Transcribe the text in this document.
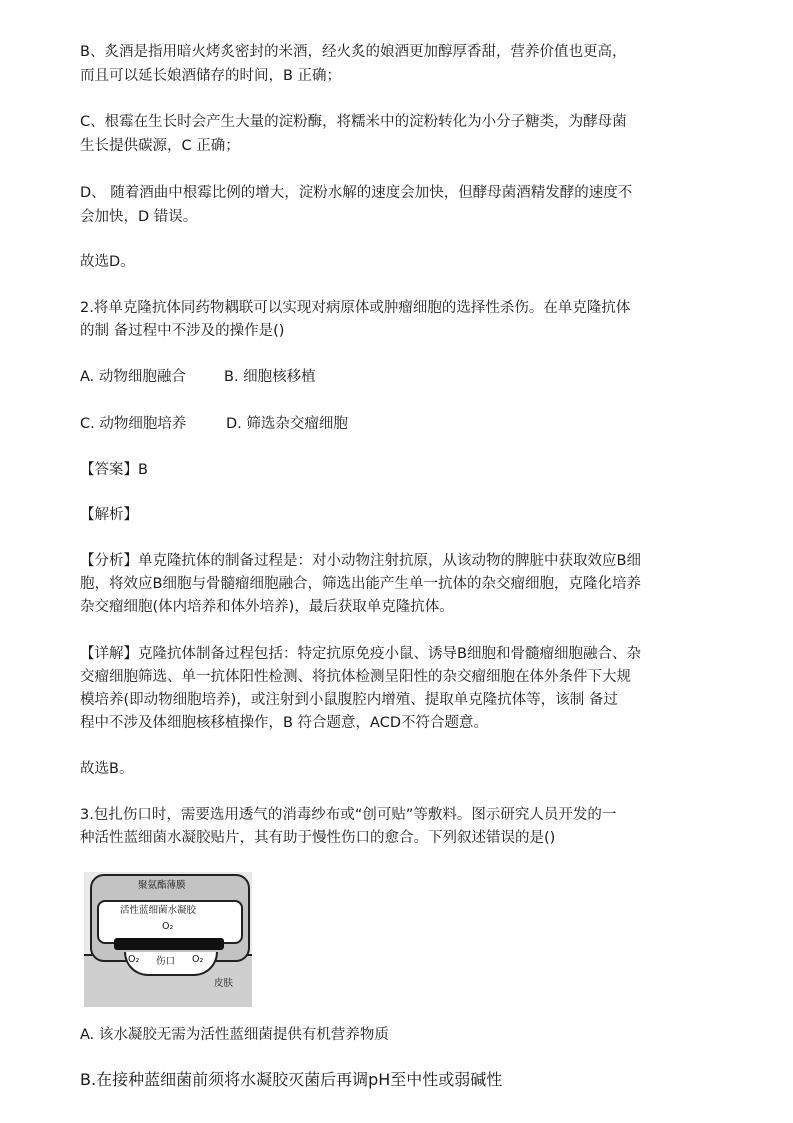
B、炙酒是指用暗火烤炙密封的米酒，经火炙的娘酒更加醇厚香甜，营养价值也更高，
而且可以延长娘酒储存的时间，B 正确；
C、根霉在生长时会产生大量的淀粉酶，将糯米中的淀粉转化为小分子糖类，为酵母菌
生长提供碳源，C 正确；
D、 随着酒曲中根霉比例的增大，淀粉水解的速度会加快，但酵母菌酒精发酵的速度不
会加快，D 错误。
故选D。
2.将单克隆抗体同药物耦联可以实现对病原体或肿瘤细胞的选择性杀伤。在单克隆抗体
的制 备过程中不涉及的操作是()
A. 动物细胞融合	B. 细胞核移植
C. 动物细胞培养	D. 筛选杂交瘤细胞
【答案】B
【解析】
【分析】单克隆抗体的制备过程是：对小动物注射抗原，从该动物的脾脏中获取效应B细
胞，将效应B细胞与骨髓瘤细胞融合，筛选出能产生单一抗体的杂交瘤细胞，克隆化培养
杂交瘤细胞(体内培养和体外培养)，最后获取单克隆抗体。
【详解】克隆抗体制备过程包括：特定抗原免疫小鼠、诱导B细胞和骨髓瘤细胞融合、杂
交瘤细胞筛选、单一抗体阳性检测、将抗体检测呈阳性的杂交瘤细胞在体外条件下大规
模培养(即动物细胞培养)，或注射到小鼠腹腔内增殖、提取单克隆抗体等，该制 备过
程中不涉及体细胞核移植操作，B 符合题意，ACD不符合题意。
故选B。
3.包扎伤口时，需要选用透气的消毒纱布或“创可贴”等敷料。图示研究人员开发的一
种活性蓝细菌水凝胶贴片，其有助于慢性伤口的愈合。下列叙述错误的是()
聚氨酯薄膜
活性蓝细菌水凝胶
O₂
O₂ 伤口 O₂
皮肤
A. 该水凝胶无需为活性蓝细菌提供有机营养物质
B.在接种蓝细菌前须将水凝胶灭菌后再调pH至中性或弱碱性
